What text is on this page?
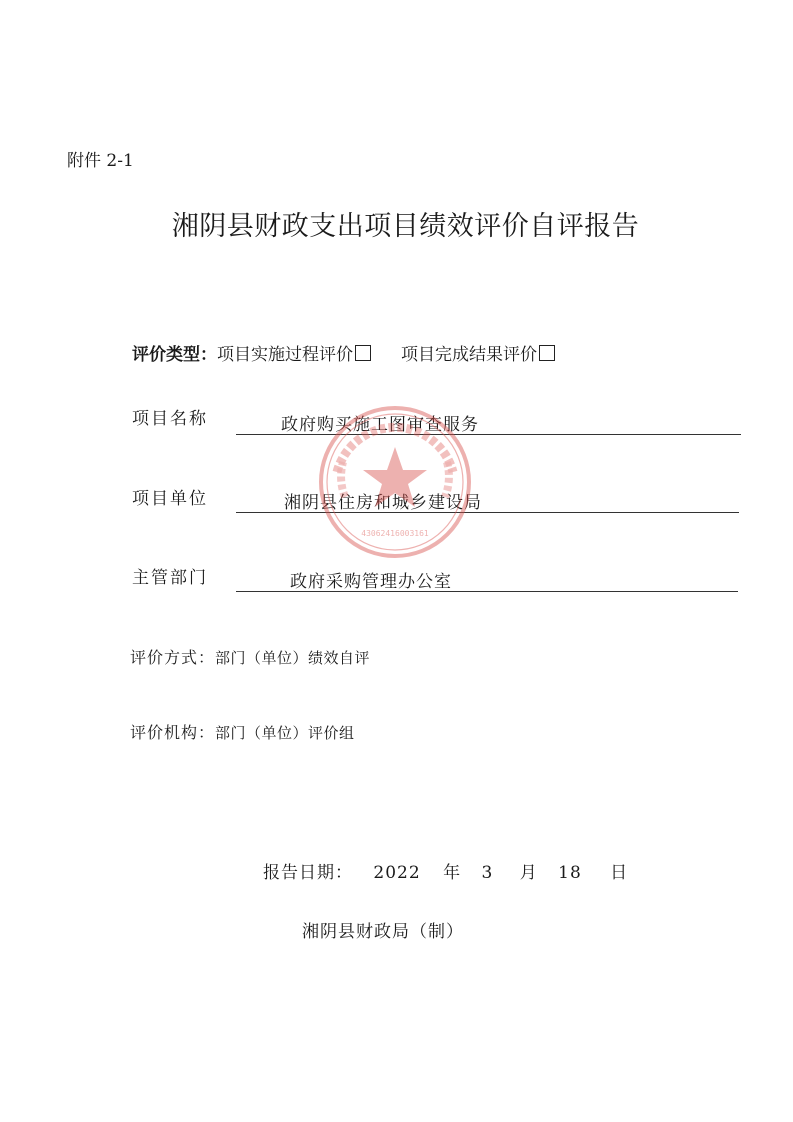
附件 2-1
湘阴县财政支出项目绩效评价自评报告
评价类型：项目实施过程评价	项目完成结果评价
项目名称	政府购买施工图审查服务
项目单位	湘阴县住房和城乡建设局
主管部门	政府采购管理办公室
评价方式：部门（单位）绩效自评
评价机构：部门（单位）评价组
报告日期： 2022 年 3 月 18 日
湘阴县财政局（制）
43062416003161
